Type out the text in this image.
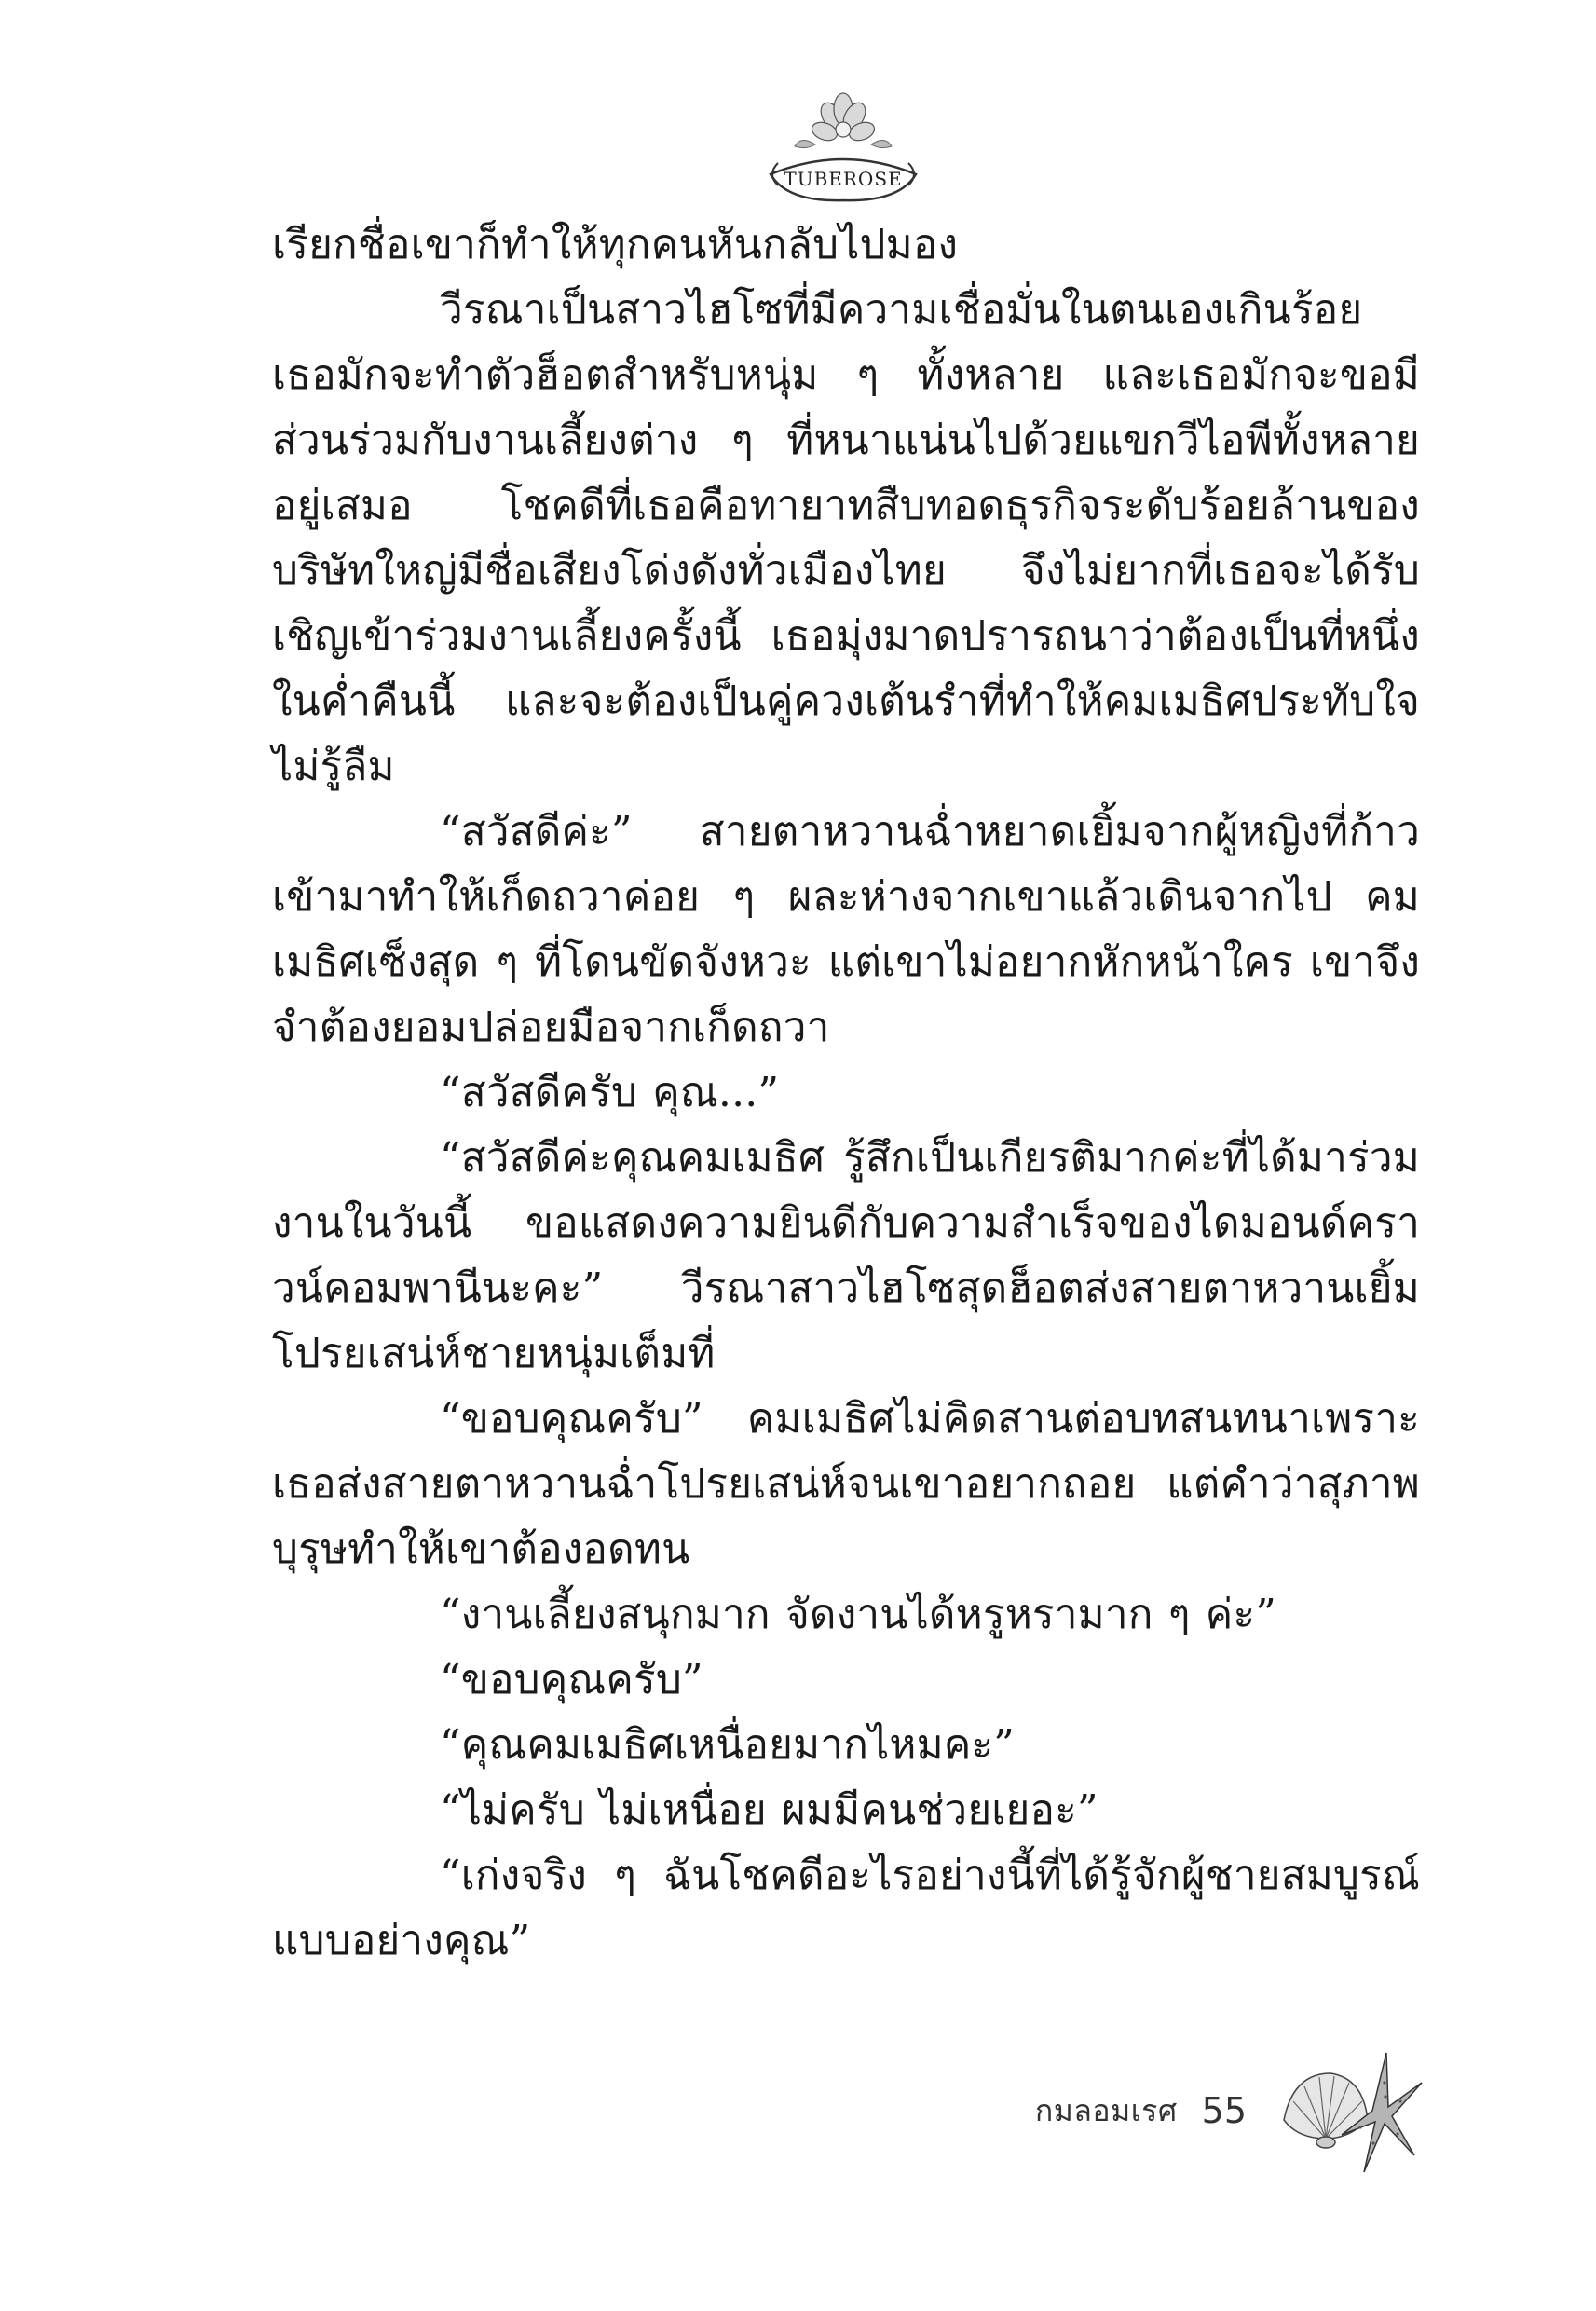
TUBEROSE

เรียกชื่อเขาก็ทำให้ทุกคนหันกลับไปมอง

วีรณาเป็นสาวไฮโซที่มีความเชื่อมั่นในตนเองเกินร้อย เธอมักจะทำตัวฮ็อตสำหรับหนุ่ม ๆ ทั้งหลาย และเธอมักจะขอมีส่วนร่วมกับงานเลี้ยงต่าง ๆ ที่หนาแน่นไปด้วยแขกวีไอพีทั้งหลายอยู่เสมอ โชคดีที่เธอคือทายาทสืบทอดธุรกิจระดับร้อยล้านของบริษัทใหญ่มีชื่อเสียงโด่งดังทั่วเมืองไทย จึงไม่ยากที่เธอจะได้รับเชิญเข้าร่วมงานเลี้ยงครั้งนี้ เธอมุ่งมาดปรารถนาว่าต้องเป็นที่หนึ่งในค่ำคืนนี้ และจะต้องเป็นคู่ควงเต้นรำที่ทำให้คมเมธิศประทับใจไม่รู้ลืม

“สวัสดีค่ะ” สายตาหวานฉ่ำหยาดเยิ้มจากผู้หญิงที่ก้าวเข้ามาทำให้เก็ดถวาค่อย ๆ ผละห่างจากเขาแล้วเดินจากไป คมเมธิศเซ็งสุด ๆ ที่โดนขัดจังหวะ แต่เขาไม่อยากหักหน้าใคร เขาจึงจำต้องยอมปล่อยมือจากเก็ดถวา

“สวัสดีครับ คุณ...”

“สวัสดีค่ะคุณคมเมธิศ รู้สึกเป็นเกียรติมากค่ะที่ได้มาร่วมงานในวันนี้ ขอแสดงความยินดีกับความสำเร็จของไดมอนด์คราวน์คอมพานีนะคะ” วีรณาสาวไฮโซสุดฮ็อตส่งสายตาหวานเยิ้มโปรยเสน่ห์ชายหนุ่มเต็มที่

“ขอบคุณครับ” คมเมธิศไม่คิดสานต่อบทสนทนาเพราะเธอส่งสายตาหวานฉ่ำโปรยเสน่ห์จนเขาอยากถอย แต่คำว่าสุภาพบุรุษทำให้เขาต้องอดทน

“งานเลี้ยงสนุกมาก จัดงานได้หรูหรามาก ๆ ค่ะ”

“ขอบคุณครับ”

“คุณคมเมธิศเหนื่อยมากไหมคะ”

“ไม่ครับ ไม่เหนื่อย ผมมีคนช่วยเยอะ”

“เก่งจริง ๆ ฉันโชคดีอะไรอย่างนี้ที่ได้รู้จักผู้ชายสมบูรณ์แบบอย่างคุณ”

กมลอมเรศ 55
